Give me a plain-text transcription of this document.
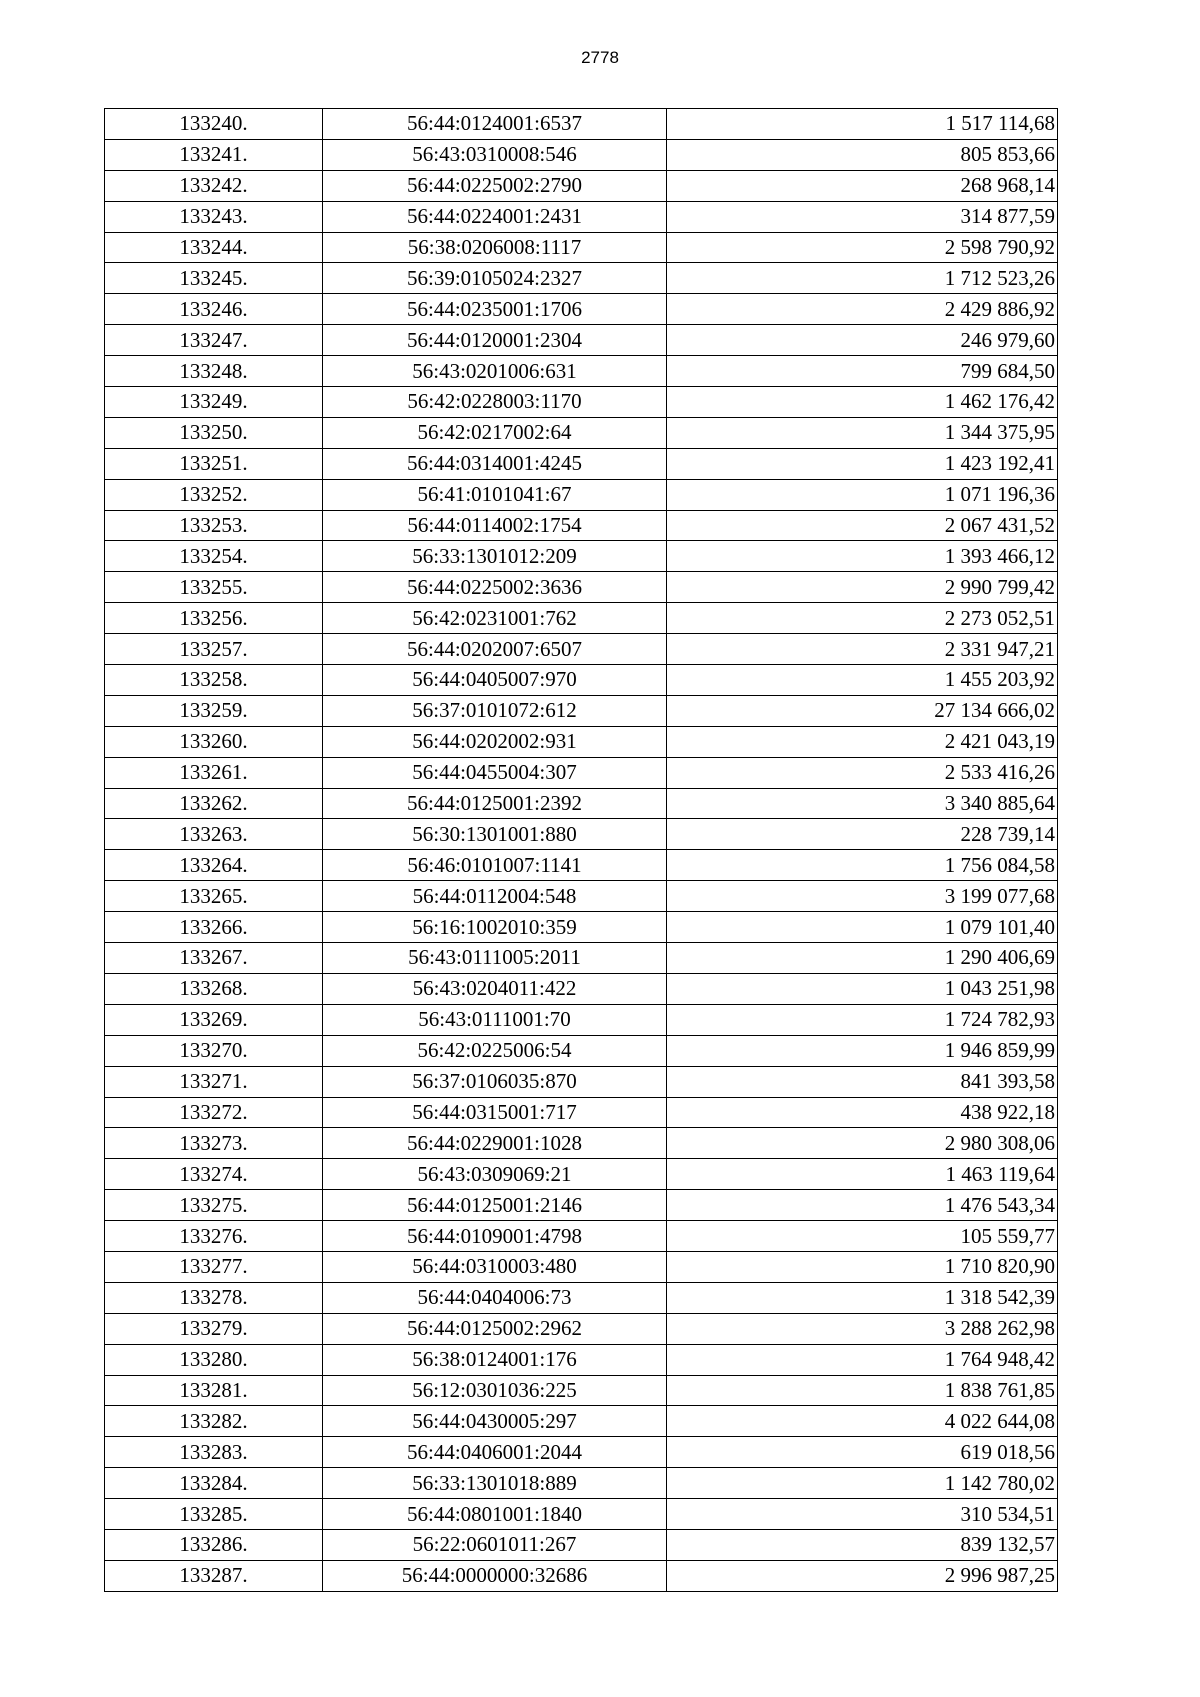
2778
133240.	56:44:0124001:6537	1 517 114,68
133241.	56:43:0310008:546	805 853,66
133242.	56:44:0225002:2790	268 968,14
133243.	56:44:0224001:2431	314 877,59
133244.	56:38:0206008:1117	2 598 790,92
133245.	56:39:0105024:2327	1 712 523,26
133246.	56:44:0235001:1706	2 429 886,92
133247.	56:44:0120001:2304	246 979,60
133248.	56:43:0201006:631	799 684,50
133249.	56:42:0228003:1170	1 462 176,42
133250.	56:42:0217002:64	1 344 375,95
133251.	56:44:0314001:4245	1 423 192,41
133252.	56:41:0101041:67	1 071 196,36
133253.	56:44:0114002:1754	2 067 431,52
133254.	56:33:1301012:209	1 393 466,12
133255.	56:44:0225002:3636	2 990 799,42
133256.	56:42:0231001:762	2 273 052,51
133257.	56:44:0202007:6507	2 331 947,21
133258.	56:44:0405007:970	1 455 203,92
133259.	56:37:0101072:612	27 134 666,02
133260.	56:44:0202002:931	2 421 043,19
133261.	56:44:0455004:307	2 533 416,26
133262.	56:44:0125001:2392	3 340 885,64
133263.	56:30:1301001:880	228 739,14
133264.	56:46:0101007:1141	1 756 084,58
133265.	56:44:0112004:548	3 199 077,68
133266.	56:16:1002010:359	1 079 101,40
133267.	56:43:0111005:2011	1 290 406,69
133268.	56:43:0204011:422	1 043 251,98
133269.	56:43:0111001:70	1 724 782,93
133270.	56:42:0225006:54	1 946 859,99
133271.	56:37:0106035:870	841 393,58
133272.	56:44:0315001:717	438 922,18
133273.	56:44:0229001:1028	2 980 308,06
133274.	56:43:0309069:21	1 463 119,64
133275.	56:44:0125001:2146	1 476 543,34
133276.	56:44:0109001:4798	105 559,77
133277.	56:44:0310003:480	1 710 820,90
133278.	56:44:0404006:73	1 318 542,39
133279.	56:44:0125002:2962	3 288 262,98
133280.	56:38:0124001:176	1 764 948,42
133281.	56:12:0301036:225	1 838 761,85
133282.	56:44:0430005:297	4 022 644,08
133283.	56:44:0406001:2044	619 018,56
133284.	56:33:1301018:889	1 142 780,02
133285.	56:44:0801001:1840	310 534,51
133286.	56:22:0601011:267	839 132,57
133287.	56:44:0000000:32686	2 996 987,25
